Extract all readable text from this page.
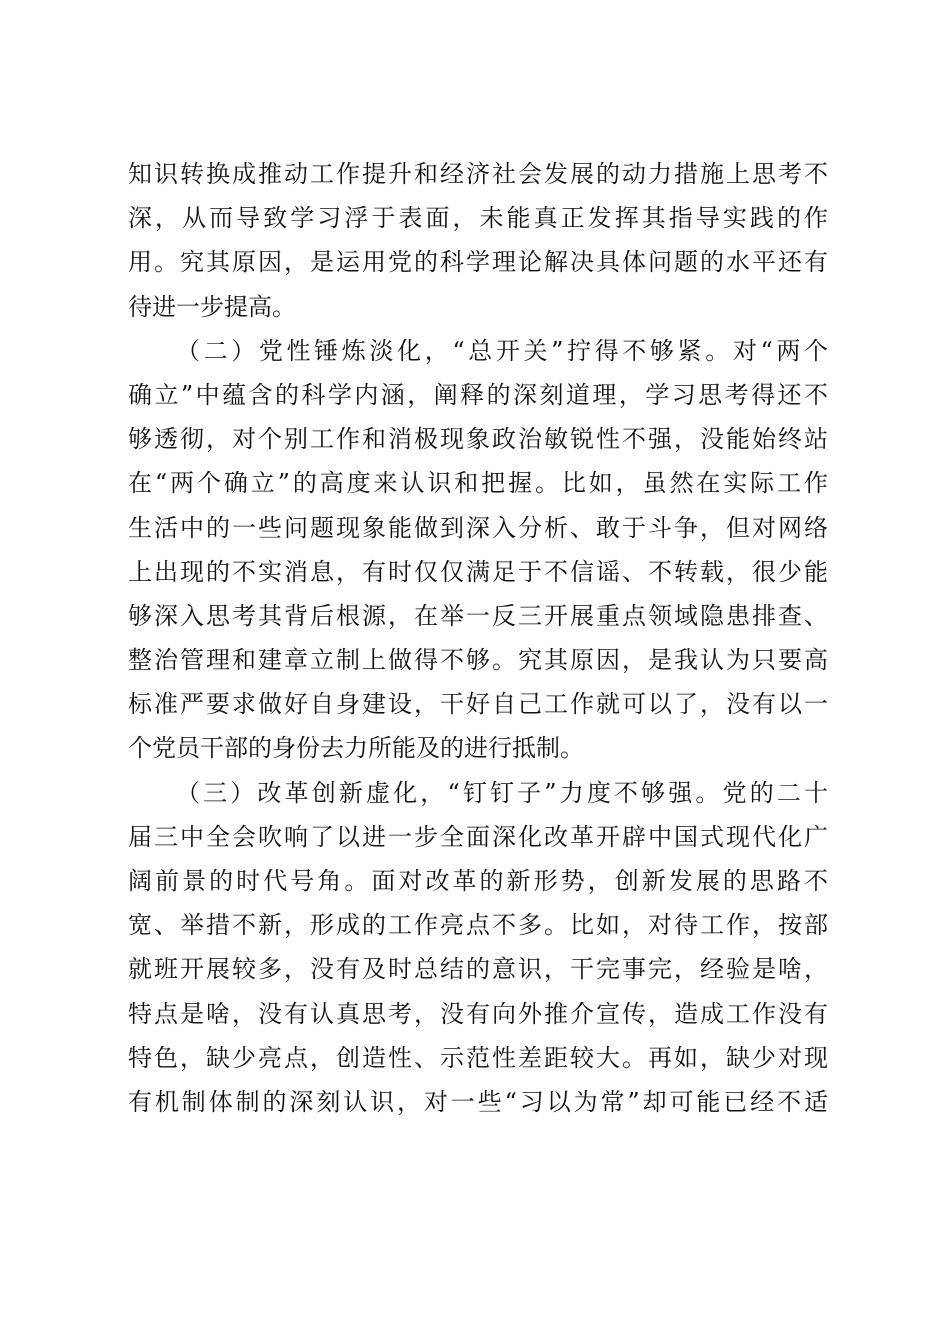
知识转换成推动工作提升和经济社会发展的动力措施上思考不
深，从而导致学习浮于表面，未能真正发挥其指导实践的作
用。究其原因，是运用党的科学理论解决具体问题的水平还有
待进一步提高。
（二）党性锤炼淡化，“总开关”拧得不够紧。对“两个
确立”中蕴含的科学内涵，阐释的深刻道理，学习思考得还不
够透彻，对个别工作和消极现象政治敏锐性不强，没能始终站
在“两个确立”的高度来认识和把握。比如，虽然在实际工作
生活中的一些问题现象能做到深入分析、敢于斗争，但对网络
上出现的不实消息，有时仅仅满足于不信谣、不转载，很少能
够深入思考其背后根源，在举一反三开展重点领域隐患排查、
整治管理和建章立制上做得不够。究其原因，是我认为只要高
标准严要求做好自身建设，干好自己工作就可以了，没有以一
个党员干部的身份去力所能及的进行抵制。
（三）改革创新虚化，“钉钉子”力度不够强。党的二十
届三中全会吹响了以进一步全面深化改革开辟中国式现代化广
阔前景的时代号角。面对改革的新形势，创新发展的思路不
宽、举措不新，形成的工作亮点不多。比如，对待工作，按部
就班开展较多，没有及时总结的意识，干完事完，经验是啥，
特点是啥，没有认真思考，没有向外推介宣传，造成工作没有
特色，缺少亮点，创造性、示范性差距较大。再如，缺少对现
有机制体制的深刻认识，对一些“习以为常”却可能已经不适
